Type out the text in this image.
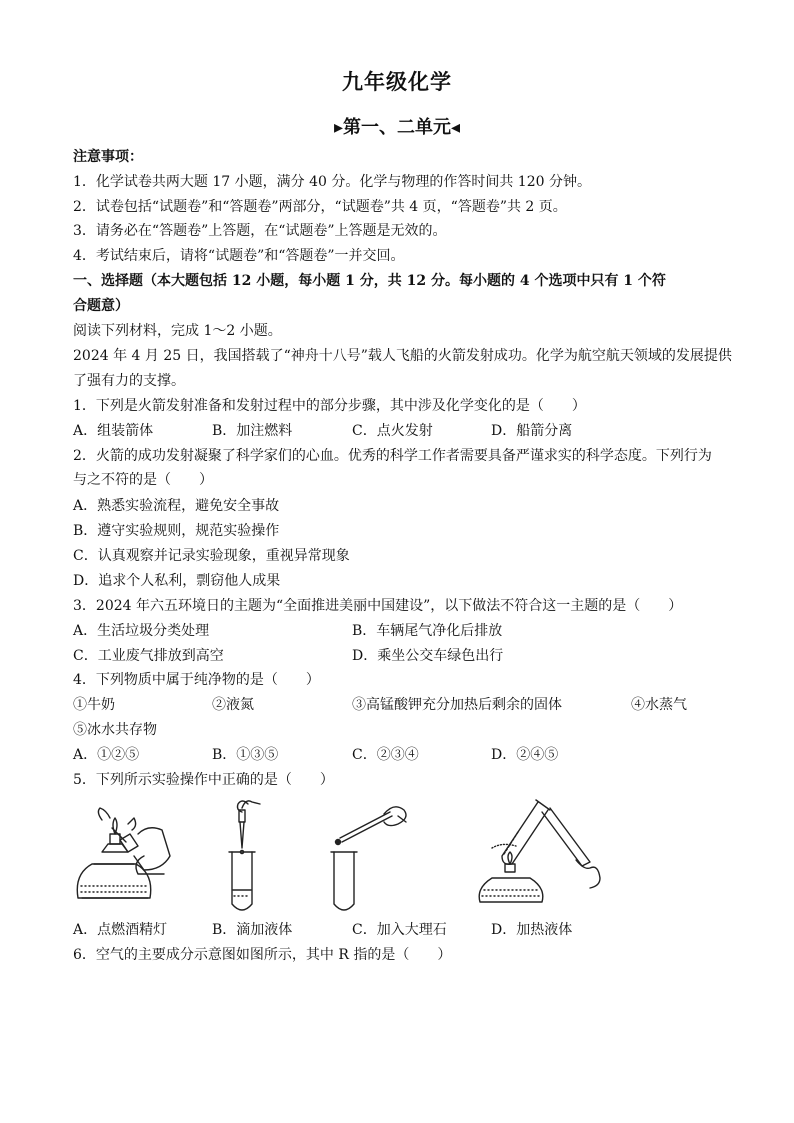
九年级化学
▸第一、二单元◂
注意事项：
1．化学试卷共两大题 17 小题，满分 40 分。化学与物理的作答时间共 120 分钟。
2．试卷包括“试题卷”和“答题卷”两部分，“试题卷”共 4 页，“答题卷”共 2 页。
3．请务必在“答题卷”上答题，在“试题卷”上答题是无效的。
4．考试结束后，请将“试题卷”和“答题卷”一并交回。
一、选择题（本大题包括 12 小题，每小题 1 分，共 12 分。每小题的 4 个选项中只有 1 个符
合题意）
阅读下列材料，完成 1～2 小题。
2024 年 4 月 25 日，我国搭载了“神舟十八号”载人飞船的火箭发射成功。化学为航空航天领域的发展提供
了强有力的支撑。
1．下列是火箭发射准备和发射过程中的部分步骤，其中涉及化学变化的是（　　）
A．组装箭体	B．加注燃料	C．点火发射	D．船箭分离
2．火箭的成功发射凝聚了科学家们的心血。优秀的科学工作者需要具备严谨求实的科学态度。下列行为
与之不符的是（　　）
A．熟悉实验流程，避免安全事故
B．遵守实验规则，规范实验操作
C．认真观察并记录实验现象，重视异常现象
D．追求个人私利，剽窃他人成果
3．2024 年六五环境日的主题为“全面推进美丽中国建设”，以下做法不符合这一主题的是（　　）
A．生活垃圾分类处理	B．车辆尾气净化后排放
C．工业废气排放到高空	D．乘坐公交车绿色出行
4．下列物质中属于纯净物的是（　　）
①牛奶	②液氮	③高锰酸钾充分加热后剩余的固体	④水蒸气
⑤冰水共存物
A．①②⑤	B．①③⑤	C．②③④	D．②④⑤
5．下列所示实验操作中正确的是（　　）
A．点燃酒精灯	B．滴加液体	C．加入大理石	D．加热液体
6．空气的主要成分示意图如图所示，其中 R 指的是（　　）
